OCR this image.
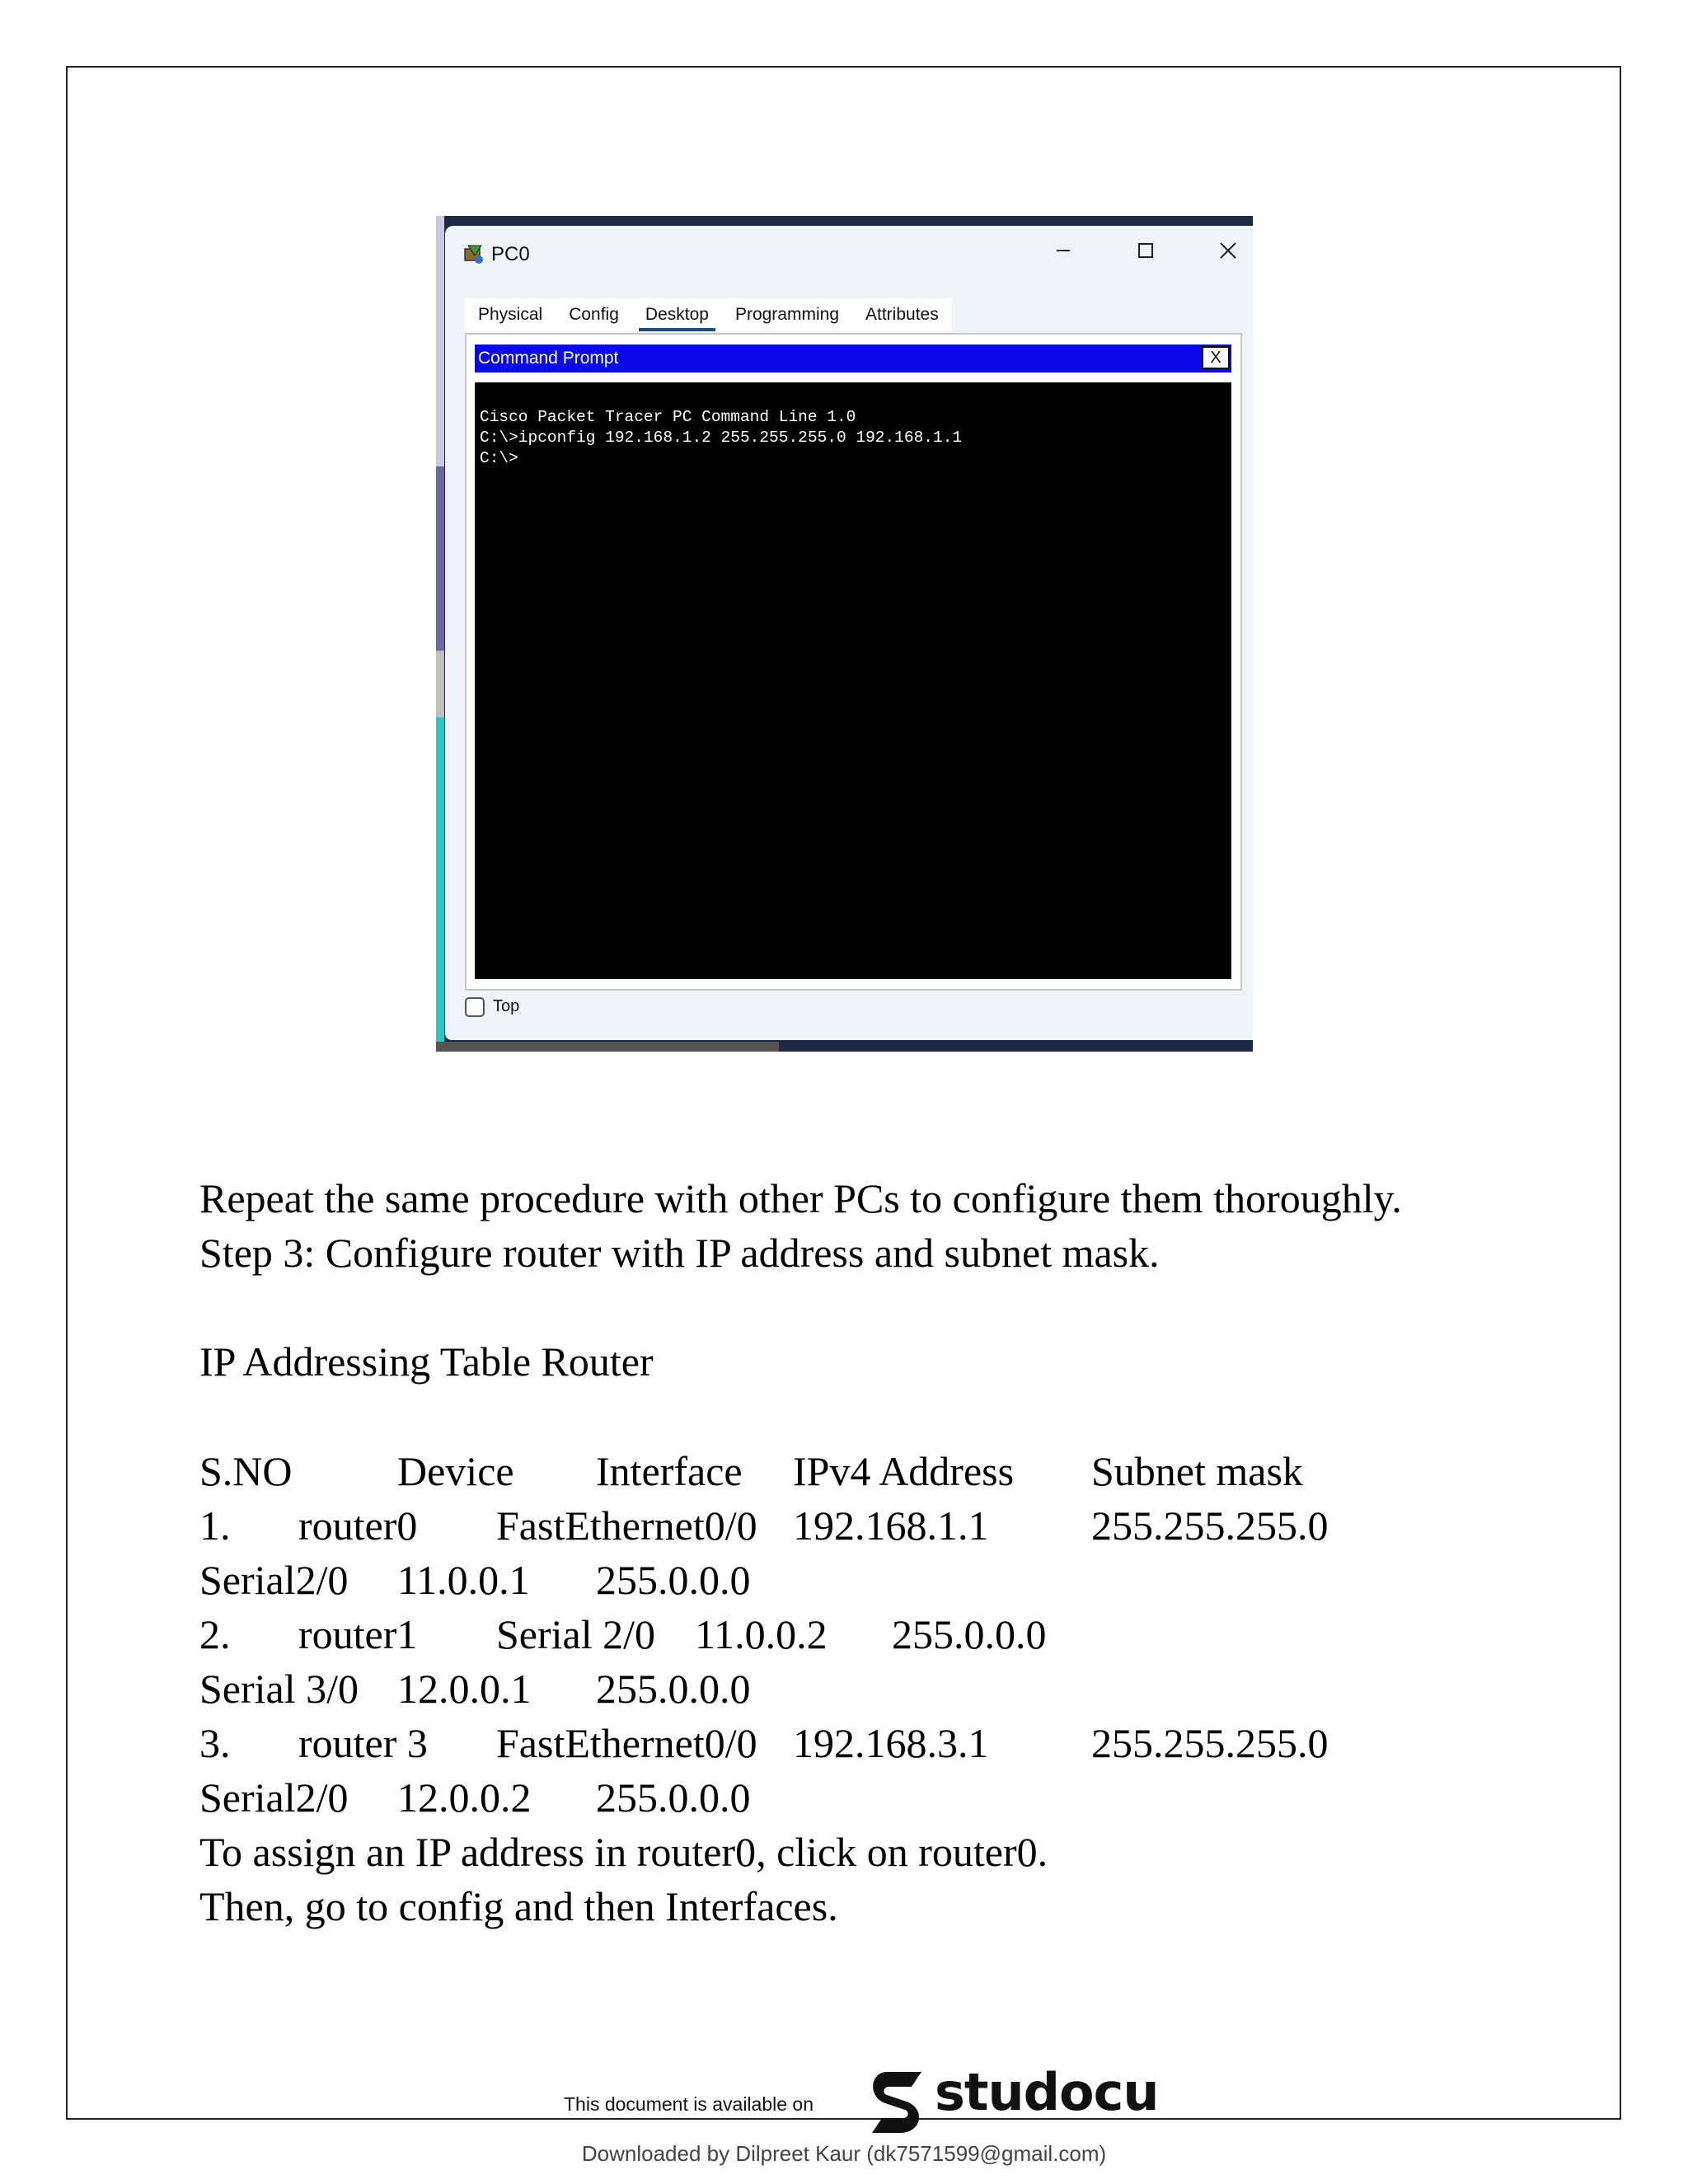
PC0
Physical	Config	Desktop	Programming	Attributes
Command Prompt	X
Cisco Packet Tracer PC Command Line 1.0
C:\>ipconfig 192.168.1.2 255.255.255.0 192.168.1.1
C:\>
Top
Repeat the same procedure with other PCs to configure them thoroughly.
Step 3: Configure router with IP address and subnet mask.
IP Addressing Table Router
S.NO	Device Interface IPv4 Address Subnet mask
1. router0 FastEthernet0/0 192.168.1.1 255.255.255.0
Serial2/0 11.0.0.1 255.0.0.0
2. router1 Serial 2/0 11.0.0.2 255.0.0.0
Serial 3/0 12.0.0.1 255.0.0.0
3. router 3 FastEthernet0/0 192.168.3.1 255.255.255.0
Serial2/0 12.0.0.2 255.0.0.0
To assign an IP address in router0, click on router0.
Then, go to config and then Interfaces.
This document is available on studocu
Downloaded by Dilpreet Kaur (dk7571599@gmail.com)
